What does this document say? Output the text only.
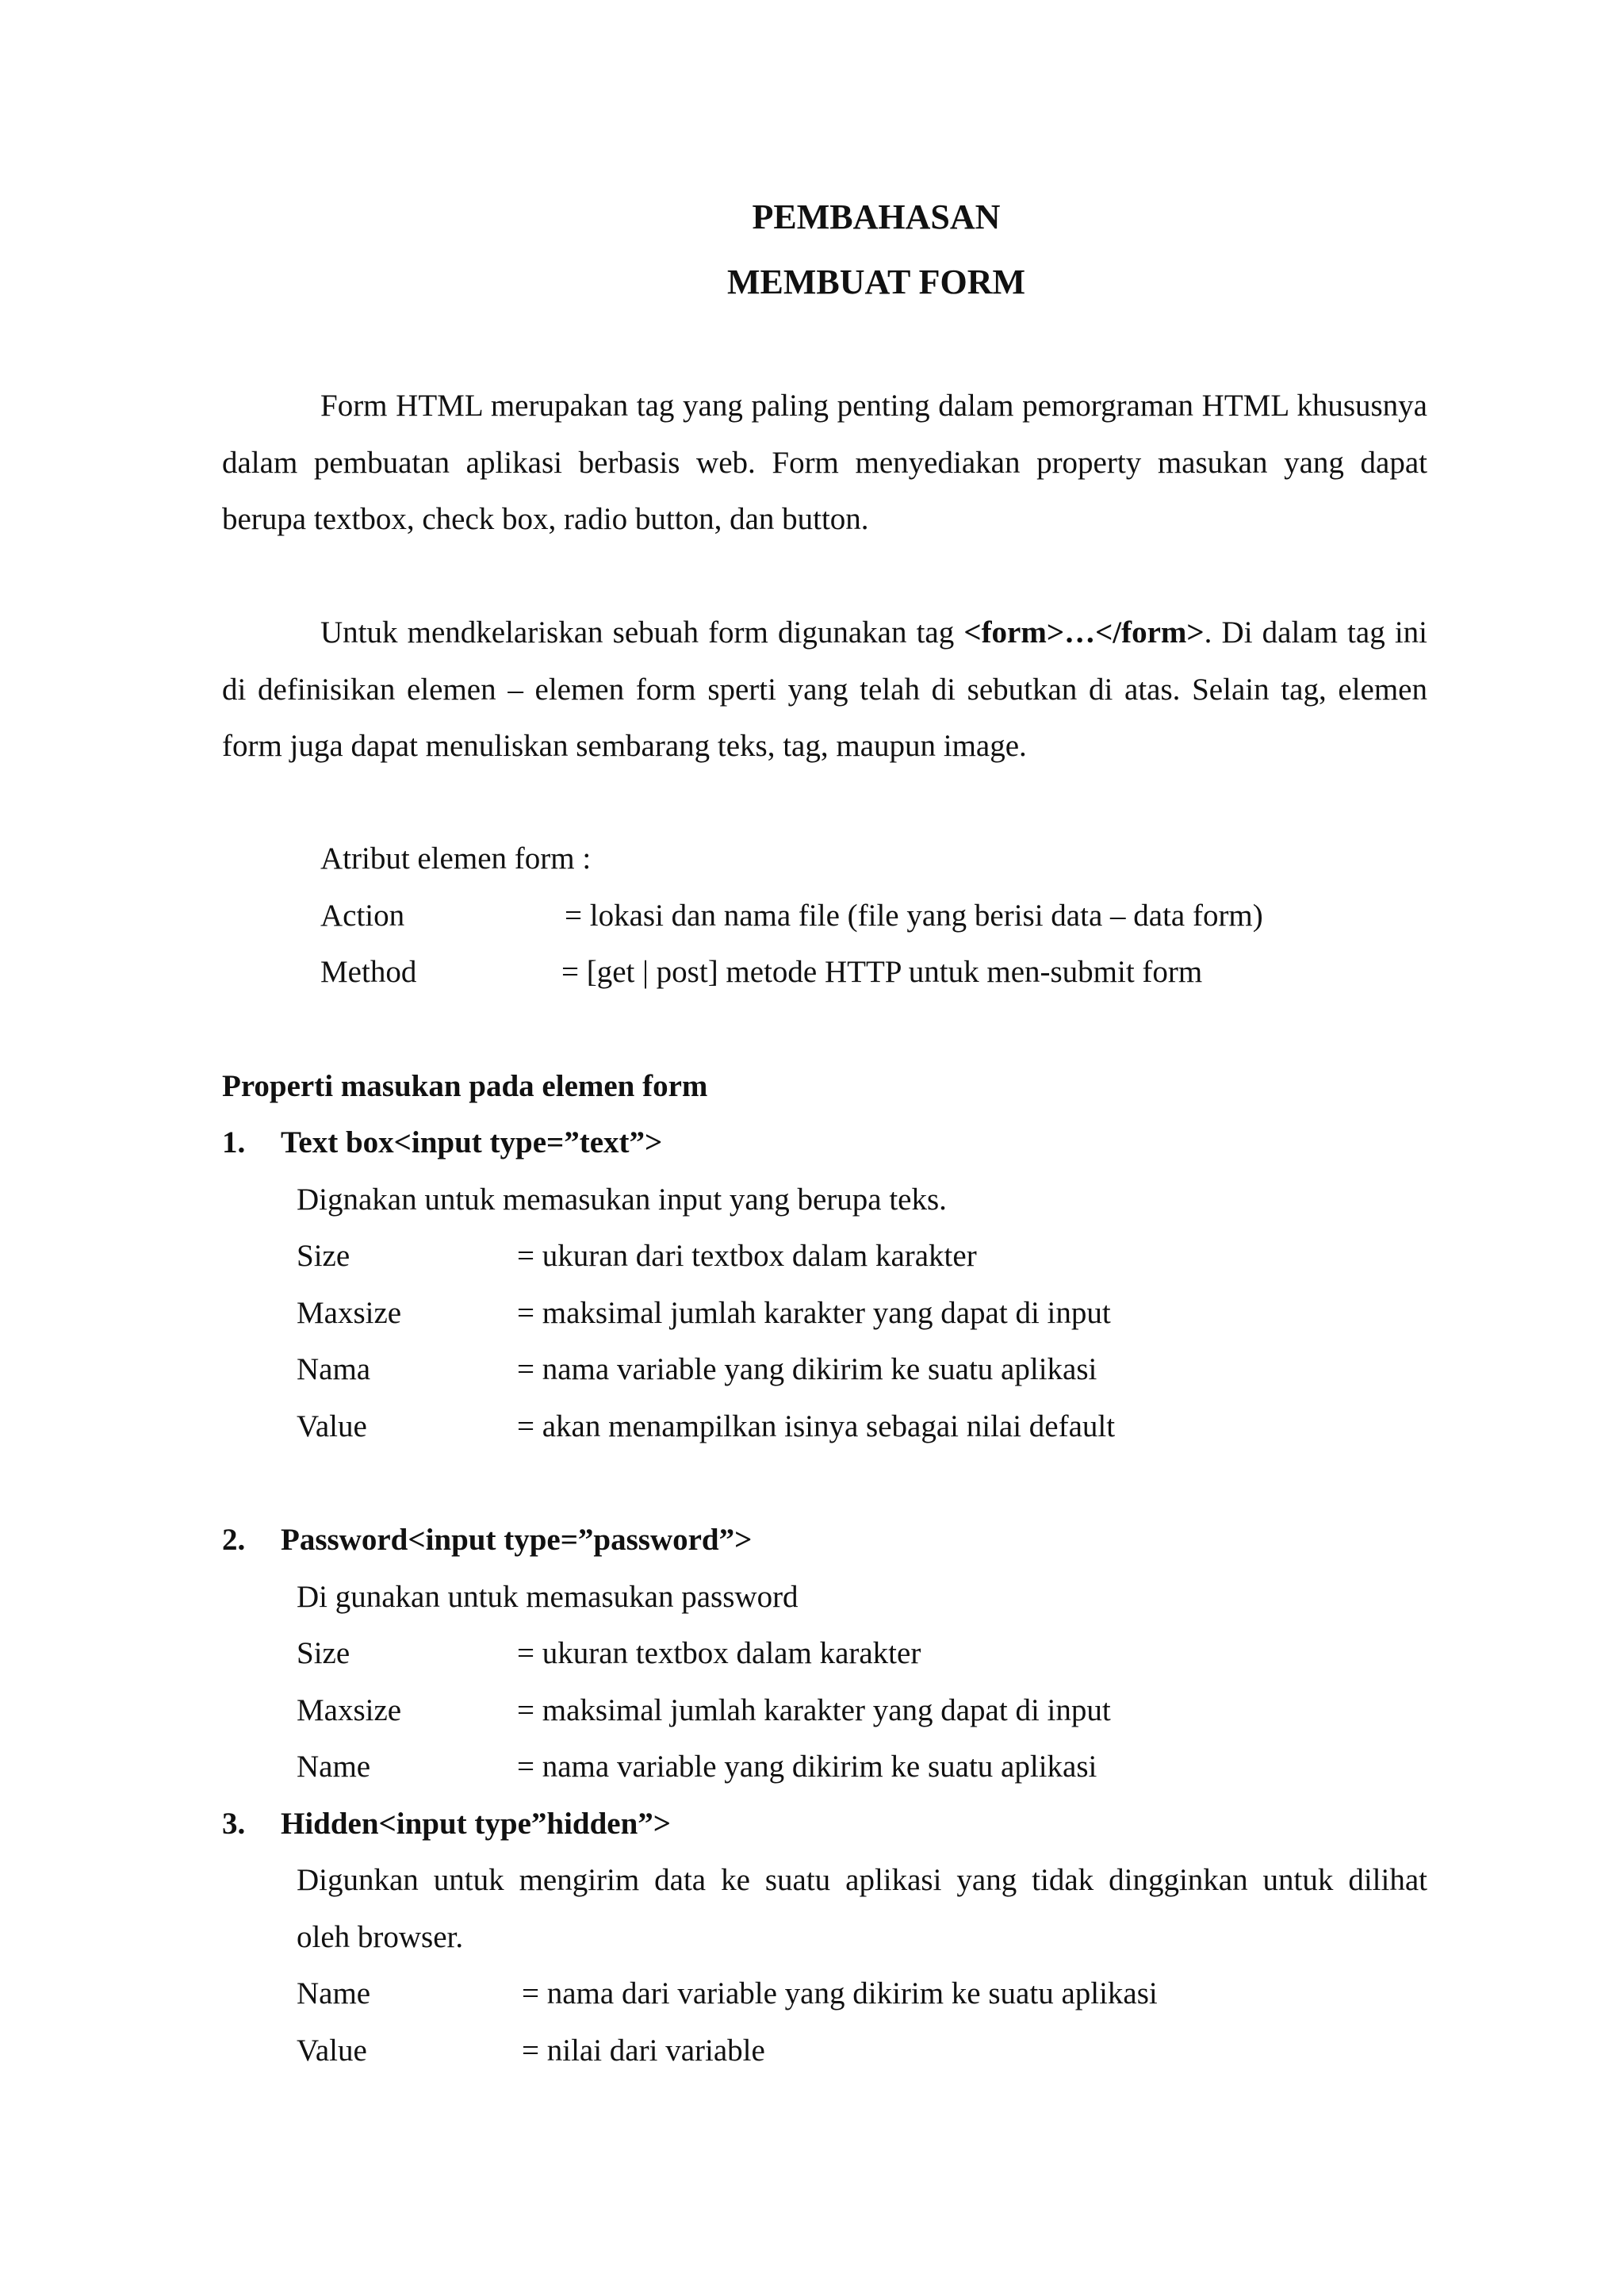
PEMBAHASAN
MEMBUAT FORM
Form HTML merupakan tag yang paling penting dalam pemorgraman HTML khususnya dalam pembuatan aplikasi berbasis web. Form menyediakan property masukan yang dapat berupa textbox, check box, radio button, dan button.
Untuk mendkelariskan sebuah form digunakan tag <form>…</form>. Di dalam tag ini di definisikan elemen – elemen form sperti yang telah di sebutkan di atas. Selain tag, elemen form juga dapat menuliskan sembarang teks, tag, maupun image.
Atribut elemen form :
Action	= lokasi dan nama file (file yang berisi data – data form)
Method	= [get | post] metode HTTP untuk men-submit form
Properti masukan pada elemen form
1. Text box<input type=”text”>
Dignakan untuk memasukan input yang berupa teks.
Size	= ukuran dari textbox dalam karakter
Maxsize	= maksimal jumlah karakter yang dapat di input
Nama	= nama variable yang dikirim ke suatu aplikasi
Value	= akan menampilkan isinya sebagai nilai default
2. Password<input type=”password”>
Di gunakan untuk memasukan password
Size	= ukuran textbox dalam karakter
Maxsize	= maksimal jumlah karakter yang dapat di input
Name	= nama variable yang dikirim ke suatu aplikasi
3. Hidden<input type”hidden”>
Digunkan untuk mengirim data ke suatu aplikasi yang tidak dingginkan untuk dilihat
oleh browser.
Name	= nama dari variable yang dikirim ke suatu aplikasi
Value	= nilai dari variable
